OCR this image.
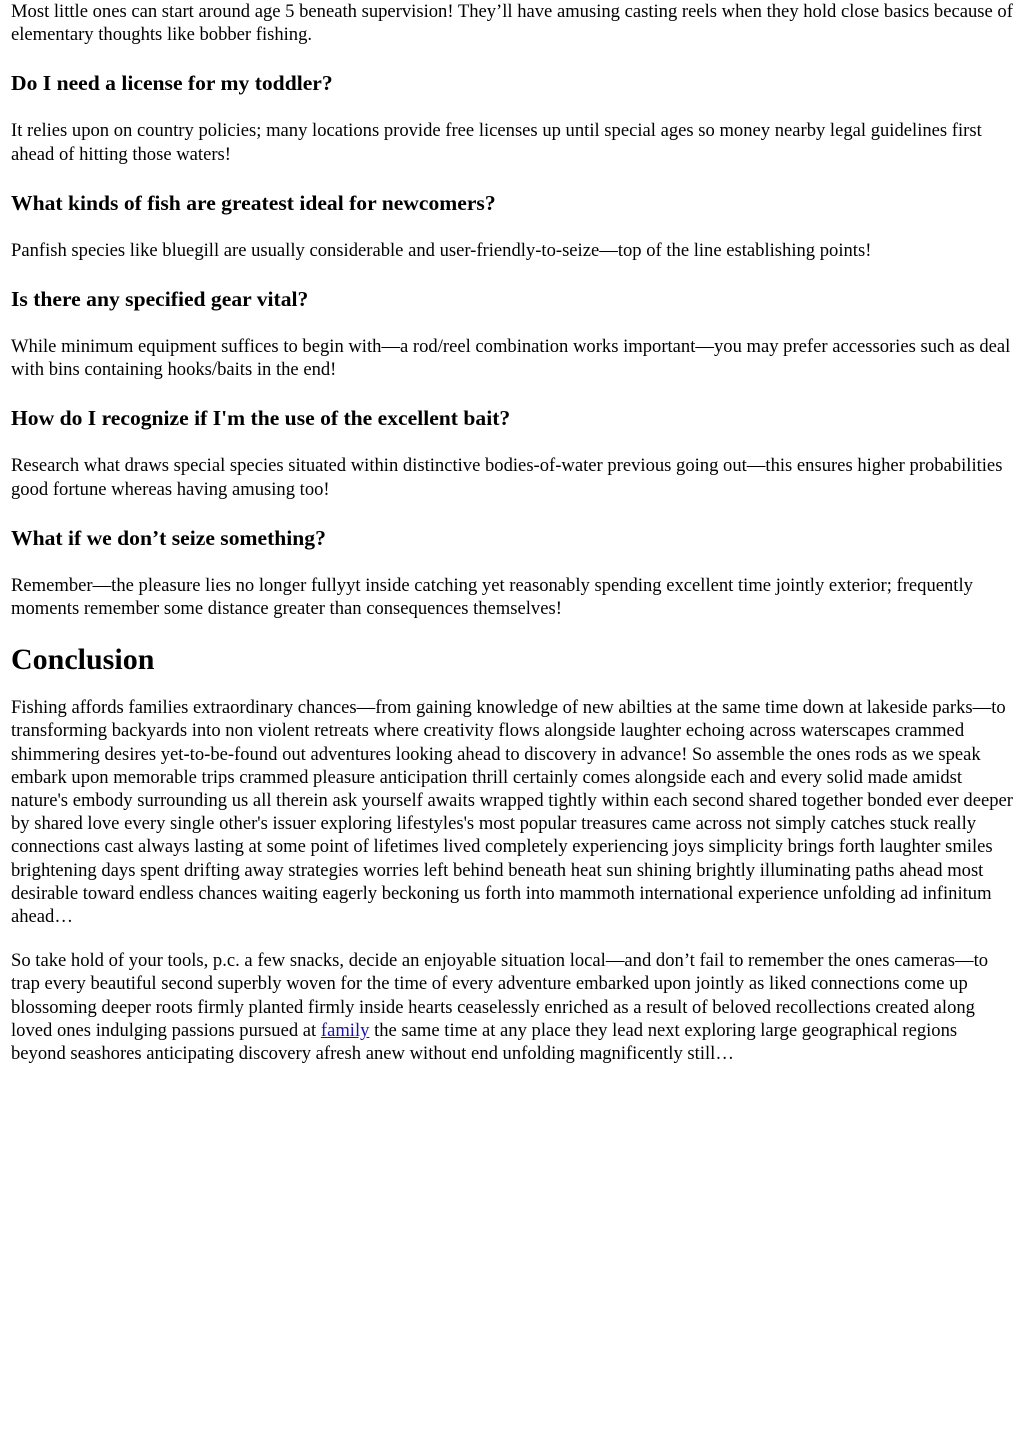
Most little ones can start around age 5 beneath supervision! They’ll have amusing casting reels when they hold close basics because of elementary thoughts like bobber fishing.

Do I need a license for my toddler?

It relies upon on country policies; many locations provide free licenses up until special ages so money nearby legal guidelines first ahead of hitting those waters!

What kinds of fish are greatest ideal for newcomers?

Panfish species like bluegill are usually considerable and user-friendly-to-seize—top of the line establishing points!

Is there any specified gear vital?

While minimum equipment suffices to begin with—a rod/reel combination works important—you may prefer accessories such as deal with bins containing hooks/baits in the end!

How do I recognize if I'm the use of the excellent bait?

Research what draws special species situated within distinctive bodies-of-water previous going out—this ensures higher probabilities good fortune whereas having amusing too!

What if we don’t seize something?

Remember—the pleasure lies no longer fullyyt inside catching yet reasonably spending excellent time jointly exterior; frequently moments remember some distance greater than consequences themselves!

Conclusion

Fishing affords families extraordinary chances—from gaining knowledge of new abilties at the same time down at lakeside parks—to transforming backyards into non violent retreats where creativity flows alongside laughter echoing across waterscapes crammed shimmering desires yet-to-be-found out adventures looking ahead to discovery in advance! So assemble the ones rods as we speak embark upon memorable trips crammed pleasure anticipation thrill certainly comes alongside each and every solid made amidst nature's embody surrounding us all therein ask yourself awaits wrapped tightly within each second shared together bonded ever deeper by shared love every single other's issuer exploring lifestyles's most popular treasures came across not simply catches stuck really connections cast always lasting at some point of lifetimes lived completely experiencing joys simplicity brings forth laughter smiles brightening days spent drifting away strategies worries left behind beneath heat sun shining brightly illuminating paths ahead most desirable toward endless chances waiting eagerly beckoning us forth into mammoth international experience unfolding ad infinitum ahead…

So take hold of your tools, p.c. a few snacks, decide an enjoyable situation local—and don’t fail to remember the ones cameras—to trap every beautiful second superbly woven for the time of every adventure embarked upon jointly as liked connections come up blossoming deeper roots firmly planted firmly inside hearts ceaselessly enriched as a result of beloved recollections created along loved ones indulging passions pursued at family the same time at any place they lead next exploring large geographical regions beyond seashores anticipating discovery afresh anew without end unfolding magnificently still…
